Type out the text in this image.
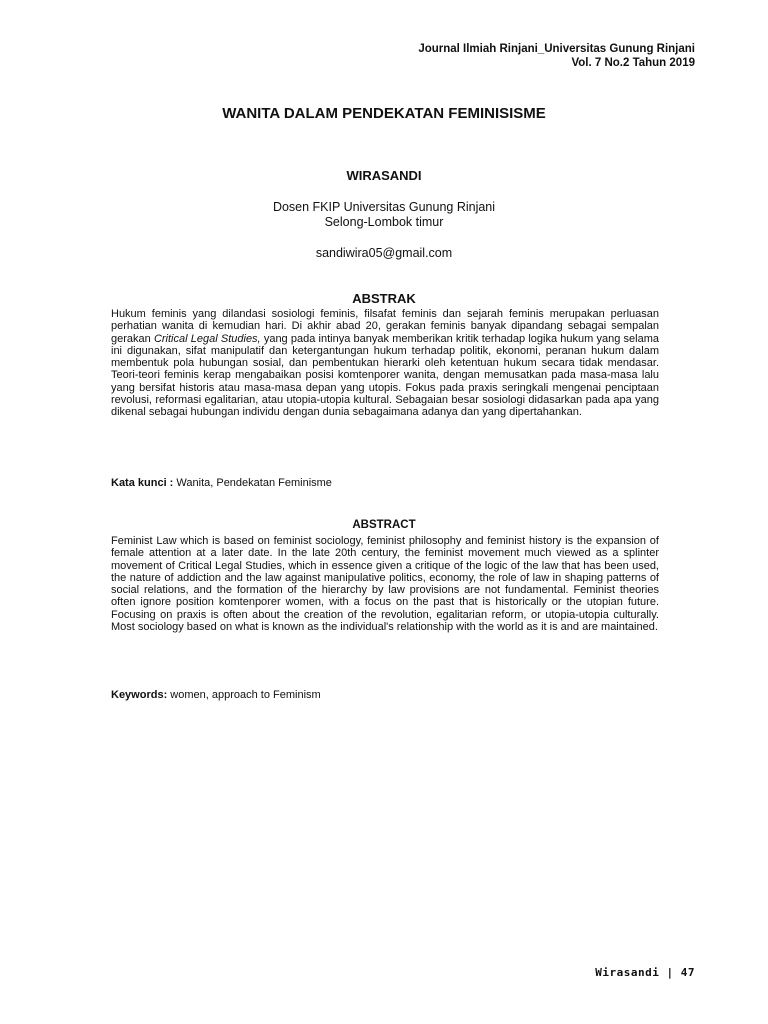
Journal Ilmiah Rinjani_Universitas Gunung Rinjani
Vol. 7 No.2 Tahun 2019
WANITA DALAM PENDEKATAN FEMINISISME
WIRASANDI
Dosen FKIP Universitas Gunung Rinjani
Selong-Lombok timur
sandiwira05@gmail.com
ABSTRAK
Hukum feminis yang dilandasi sosiologi feminis, filsafat feminis dan sejarah feminis merupakan perluasan perhatian wanita di kemudian hari. Di akhir abad 20, gerakan feminis banyak dipandang sebagai sempalan gerakan Critical Legal Studies, yang pada intinya banyak memberikan kritik terhadap logika hukum yang selama ini digunakan, sifat manipulatif dan ketergantungan hukum terhadap politik, ekonomi, peranan hukum dalam membentuk pola hubungan sosial, dan pembentukan hierarki oleh ketentuan hukum secara tidak mendasar. Teori-teori feminis kerap mengabaikan posisi komtenporer wanita, dengan memusatkan pada masa-masa lalu yang bersifat historis atau masa-masa depan yang utopis. Fokus pada praxis seringkali mengenai penciptaan revolusi, reformasi egalitarian, atau utopia-utopia kultural. Sebagaian besar sosiologi didasarkan pada apa yang dikenal sebagai hubungan individu dengan dunia sebagaimana adanya dan yang dipertahankan.
Kata kunci : Wanita, Pendekatan Feminisme
ABSTRACT
Feminist Law which is based on feminist sociology, feminist philosophy and feminist history is the expansion of female attention at a later date. In the late 20th century, the feminist movement much viewed as a splinter movement of Critical Legal Studies, which in essence given a critique of the logic of the law that has been used, the nature of addiction and the law against manipulative politics, economy, the role of law in shaping patterns of social relations, and the formation of the hierarchy by law provisions are not fundamental. Feminist theories often ignore position komtenporer women, with a focus on the past that is historically or the utopian future. Focusing on praxis is often about the creation of the revolution, egalitarian reform, or utopia-utopia culturally. Most sociology based on what is known as the individual's relationship with the world as it is and are maintained.
Keywords: women, approach to Feminism
Wirasandi | 47
